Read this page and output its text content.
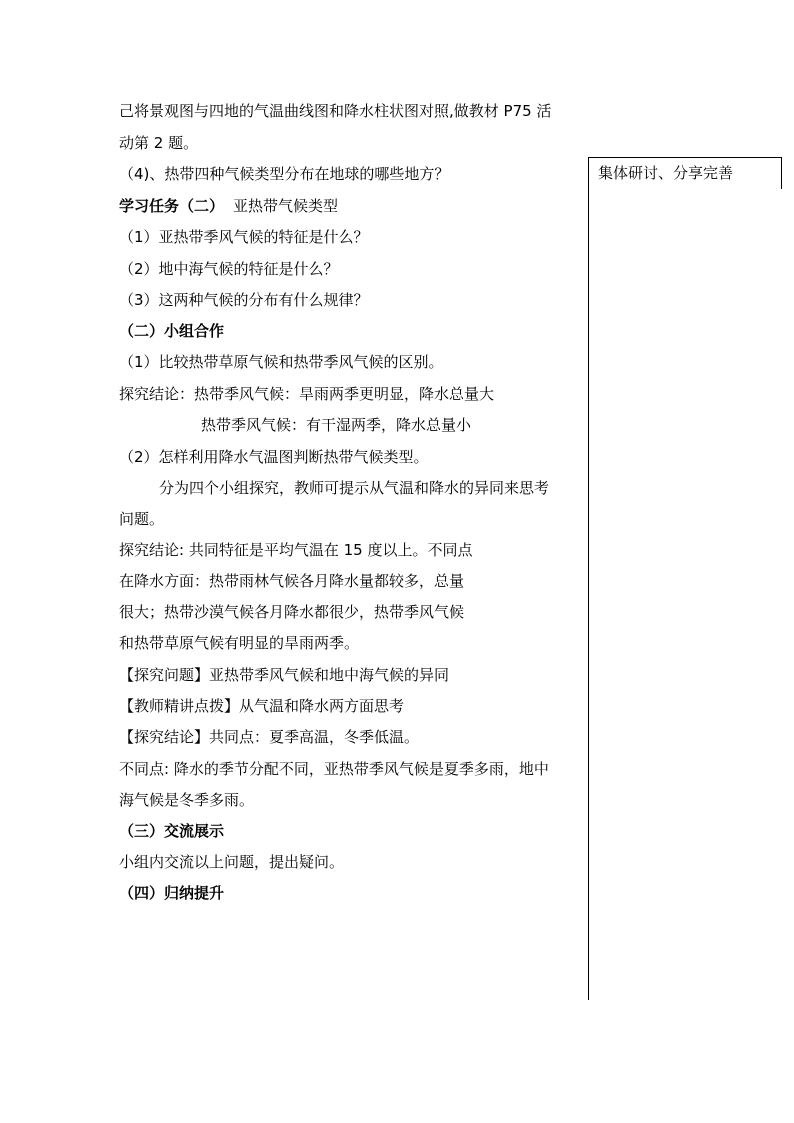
己将景观图与四地的气温曲线图和降水柱状图对照,做教材 P75 活
动第 2 题。
（4)、热带四种气候类型分布在地球的哪些地方？
学习任务（二） 亚热带气候类型
（1）亚热带季风气候的特征是什么？
（2）地中海气候的特征是什么？
（3）这两种气候的分布有什么规律？
（二）小组合作
（1）比较热带草原气候和热带季风气候的区别。
探究结论：热带季风气候：旱雨两季更明显，降水总量大
热带季风气候：有干湿两季，降水总量小
（2）怎样利用降水气温图判断热带气候类型。
分为四个小组探究，教师可提示从气温和降水的异同来思考
问题。
探究结论: 共同特征是平均气温在 15 度以上。不同点
在降水方面：热带雨林气候各月降水量都较多，总量
很大；热带沙漠气候各月降水都很少，热带季风气候
和热带草原气候有明显的旱雨两季。
【探究问题】亚热带季风气候和地中海气候的异同
【教师精讲点拨】从气温和降水两方面思考
【探究结论】共同点：夏季高温，冬季低温。
不同点: 降水的季节分配不同，亚热带季风气候是夏季多雨，地中
海气候是冬季多雨。
（三）交流展示
小组内交流以上问题，提出疑问。
（四）归纳提升
集体研讨、分享完善
